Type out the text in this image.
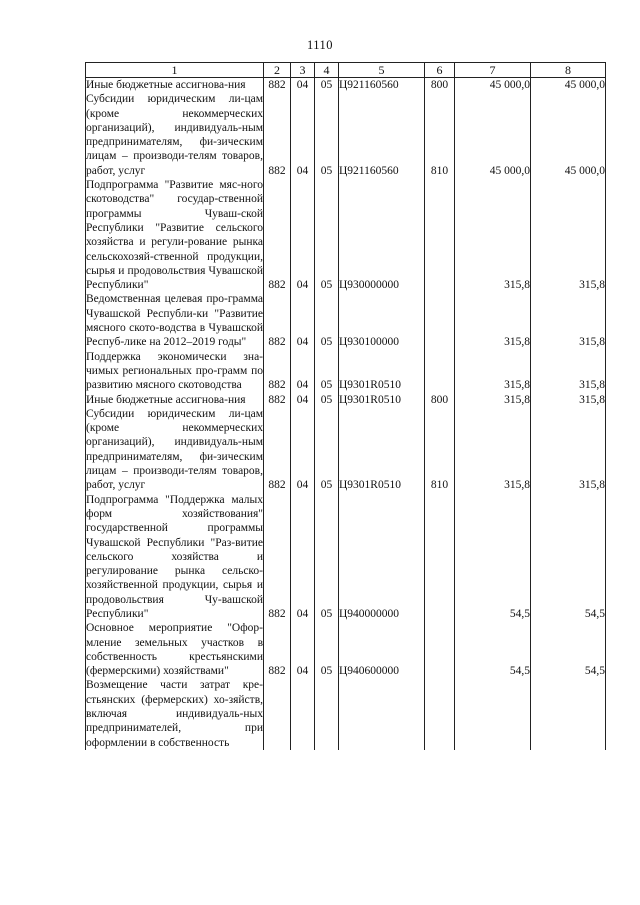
1110
1	2	3	4	5	6	7	8
Иные бюджетные ассигнова-ния	882	04	05	Ц921160560	800	45 000,0	45 000,0
Субсидии юридическим ли-цам (кроме некоммерческих организаций), индивидуаль-ным предпринимателям, фи-зическим лицам – производи-телям товаров, работ, услуг	882	04	05	Ц921160560	810	45 000,0	45 000,0
Подпрограмма "Развитие мяс-ного скотоводства" государ-ственной программы Чуваш-ской Республики "Развитие сельского хозяйства и регули-рование рынка сельскохозяй-ственной продукции, сырья и продовольствия Чувашской Республики"	882	04	05	Ц930000000		315,8	315,8
Ведомственная целевая про-грамма Чувашской Республи-ки "Развитие мясного ското-водства в Чувашской Респуб-лике на 2012–2019 годы"	882	04	05	Ц930100000		315,8	315,8
Поддержка экономически зна-чимых региональных про-грамм по развитию мясного скотоводства	882	04	05	Ц9301R0510		315,8	315,8
Иные бюджетные ассигнова-ния	882	04	05	Ц9301R0510	800	315,8	315,8
Субсидии юридическим ли-цам (кроме некоммерческих организаций), индивидуаль-ным предпринимателям, фи-зическим лицам – производи-телям товаров, работ, услуг	882	04	05	Ц9301R0510	810	315,8	315,8
Подпрограмма "Поддержка малых форм хозяйствования" государственной программы Чувашской Республики "Раз-витие сельского хозяйства и регулирование рынка сельско-хозяйственной продукции, сырья и продовольствия Чу-вашской Республики"	882	04	05	Ц940000000		54,5	54,5
Основное мероприятие "Офор-мление земельных участков в собственность крестьянскими (фермерскими) хозяйствами"	882	04	05	Ц940600000		54,5	54,5
Возмещение части затрат кре-стьянских (фермерских) хо-зяйств, включая индивидуаль-ных предпринимателей, при оформлении в собственность							
